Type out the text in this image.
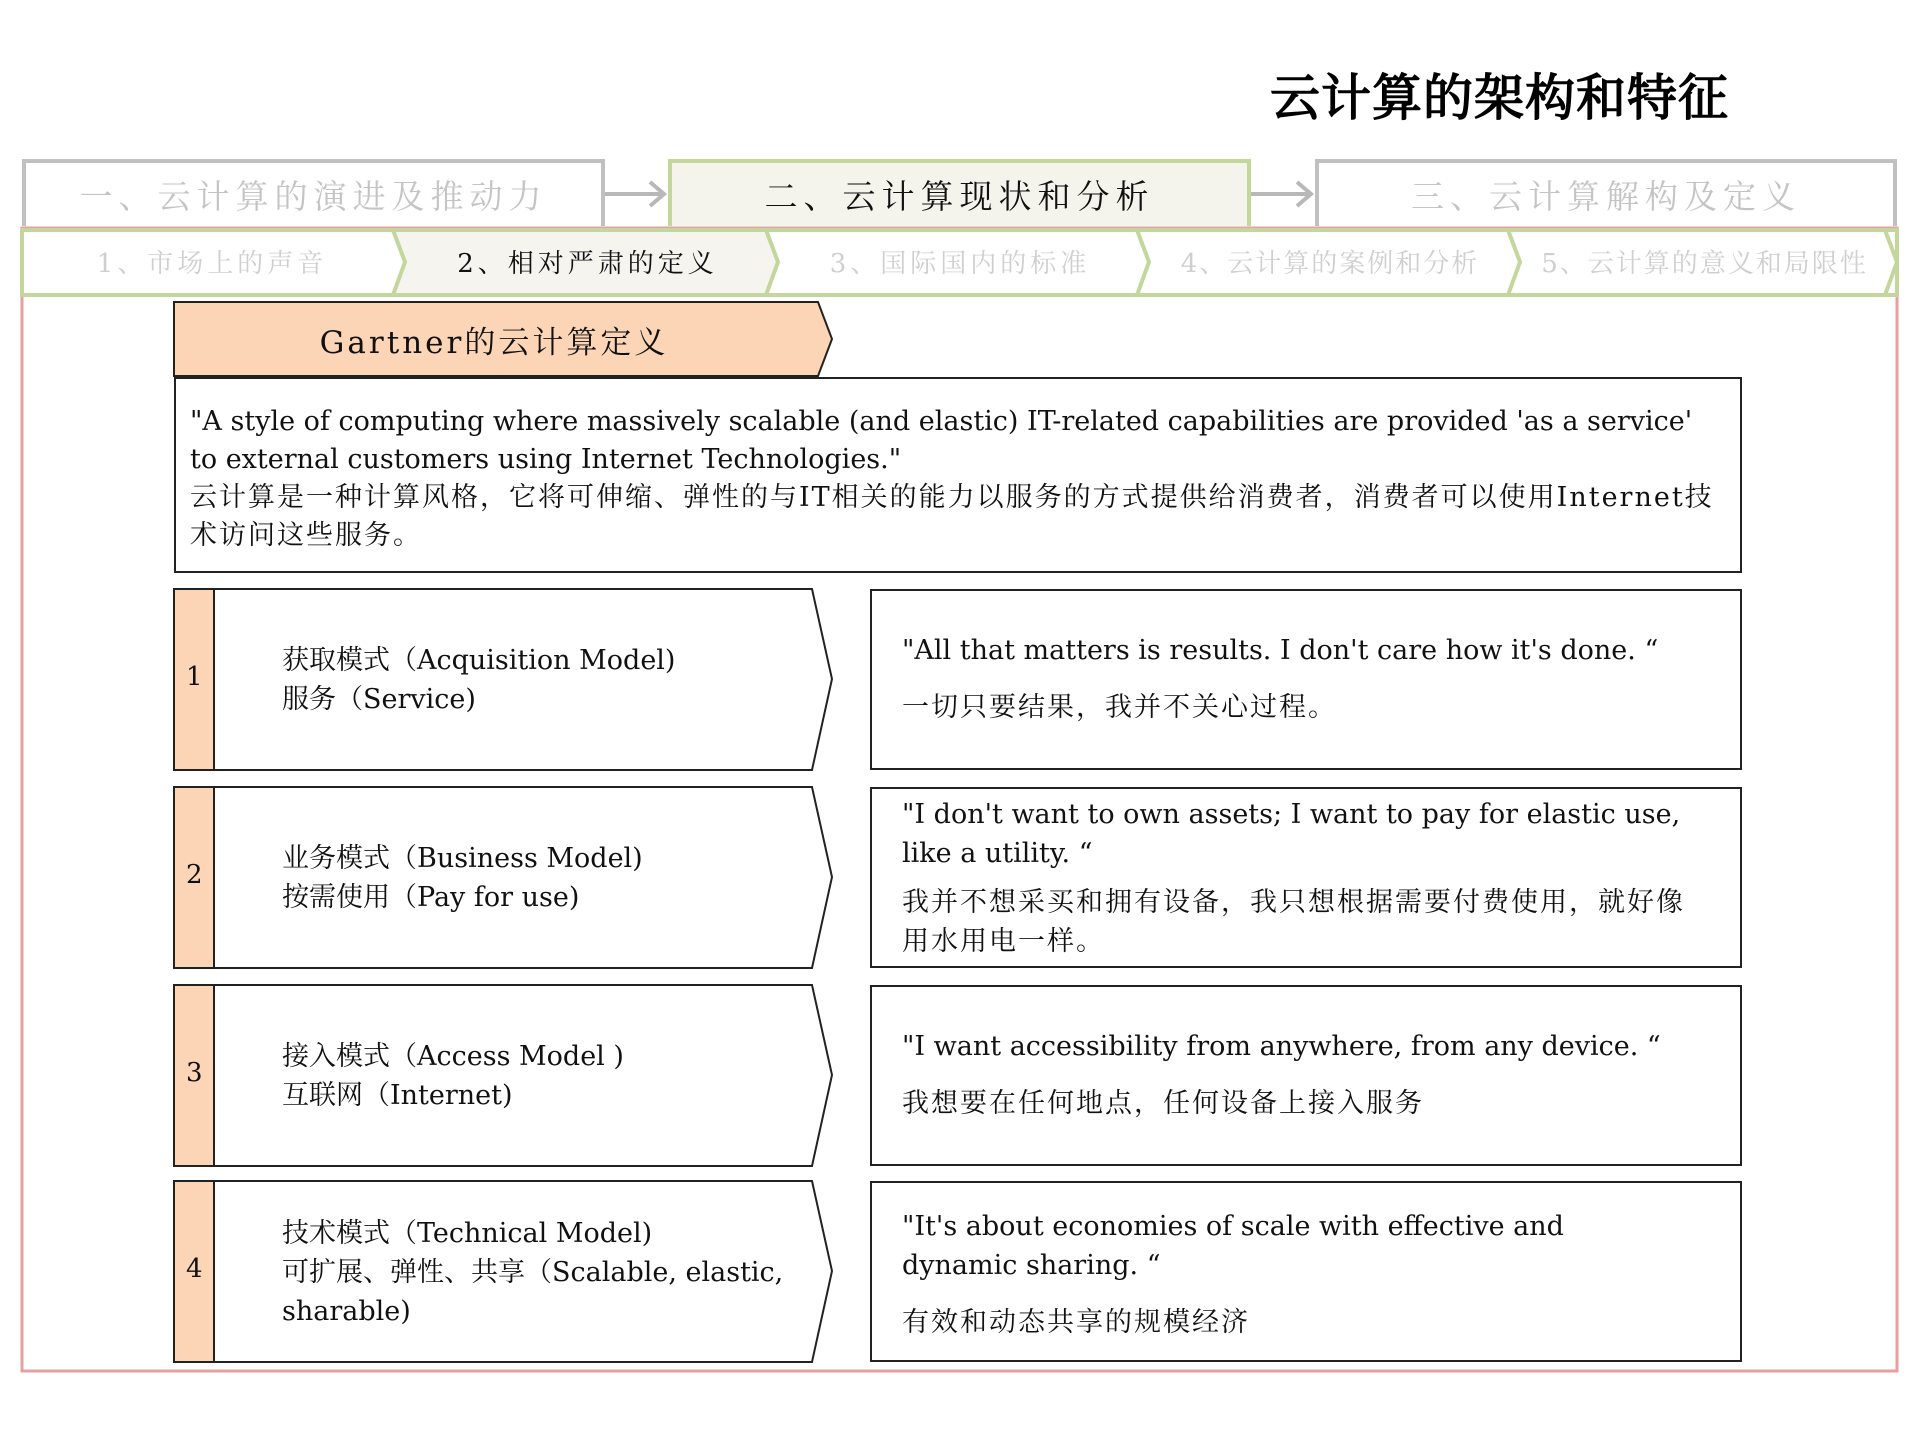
云计算的架构和特征
一、云计算的演进及推动力	二、云计算现状和分析	三、云计算解构及定义
1、市场上的声音	2、相对严肃的定义	3、国际国内的标准	4、云计算的案例和分析	5、云计算的意义和局限性
Gartner的云计算定义
"A style of computing where massively scalable (and elastic) IT-related capabilities are provided 'as a service' to external customers using Internet Technologies."
云计算是一种计算风格，它将可伸缩、弹性的与IT相关的能力以服务的方式提供给消费者，消费者可以使用Internet技术访问这些服务。
1
获取模式（Acquisition Model)
服务（Service)
"All that matters is results. I don't care how it's done. “
一切只要结果，我并不关心过程。
2
业务模式（Business Model)
按需使用（Pay for use)
"I don't want to own assets; I want to pay for elastic use, like a utility. “
我并不想采买和拥有设备，我只想根据需要付费使用，就好像用水用电一样。
3
接入模式（Access Model )
互联网（Internet)
"I want accessibility from anywhere, from any device. “
我想要在任何地点，任何设备上接入服务
4
技术模式（Technical Model)
可扩展、弹性、共享（Scalable, elastic, sharable)
"It's about economies of scale with effective and dynamic sharing. “
有效和动态共享的规模经济
